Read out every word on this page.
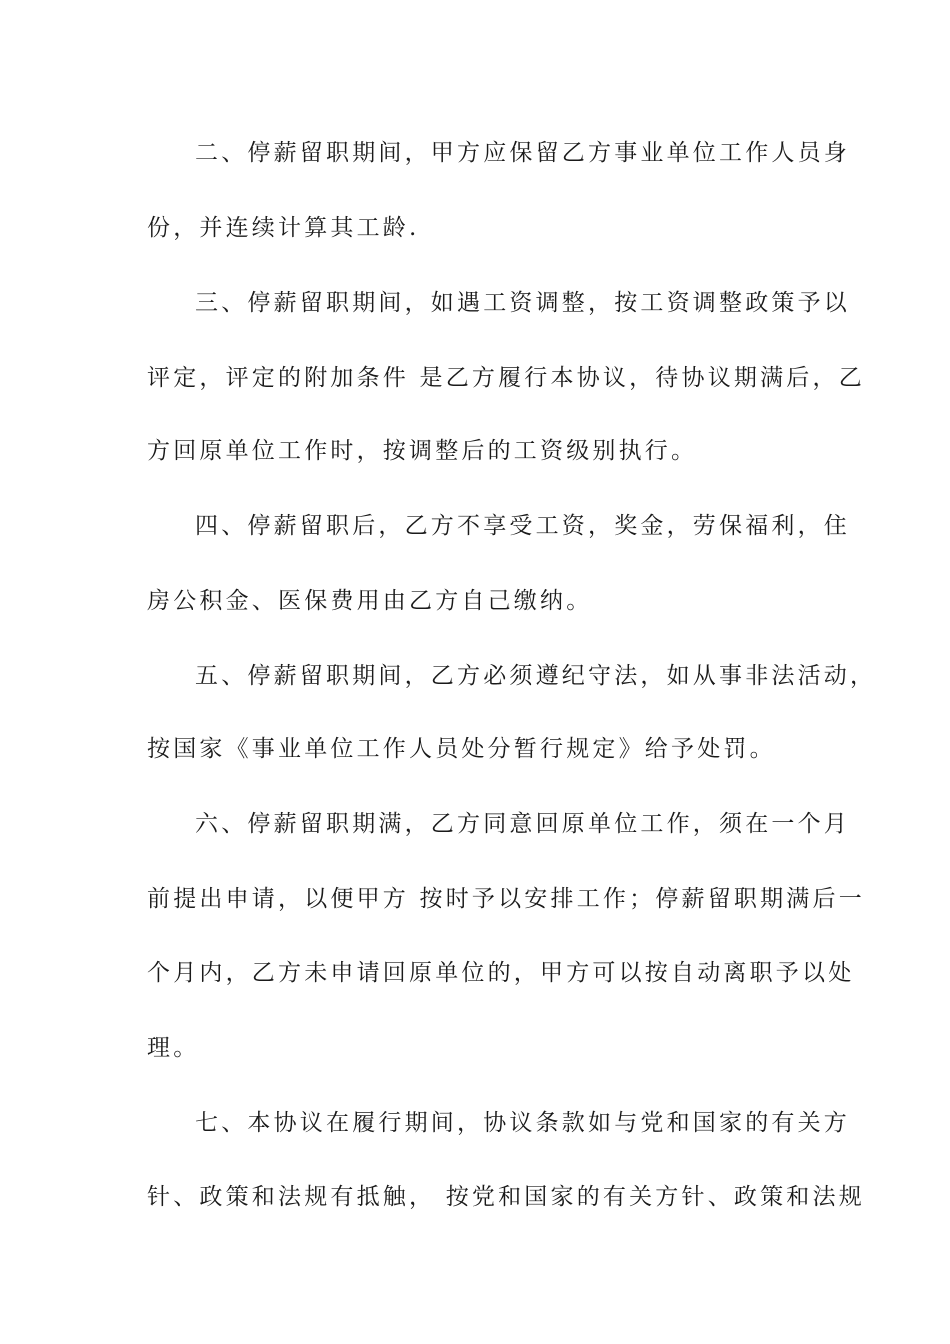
二、停薪留职期间，甲方应保留乙方事业单位工作人员身
份，并连续计算其工龄.
三、停薪留职期间，如遇工资调整，按工资调整政策予以
评定，评定的附加条件 是乙方履行本协议，待协议期满后，乙
方回原单位工作时，按调整后的工资级别执行。
四、停薪留职后，乙方不享受工资，奖金，劳保福利，住
房公积金、医保费用由乙方自己缴纳。
五、停薪留职期间，乙方必须遵纪守法，如从事非法活动，
按国家《事业单位工作人员处分暂行规定》给予处罚。
六、停薪留职期满，乙方同意回原单位工作，须在一个月
前提出申请，以便甲方 按时予以安排工作；停薪留职期满后一
个月内，乙方未申请回原单位的，甲方可以按自动离职予以处
理。
七、本协议在履行期间，协议条款如与党和国家的有关方
针、政策和法规有抵触， 按党和国家的有关方针、政策和法规
